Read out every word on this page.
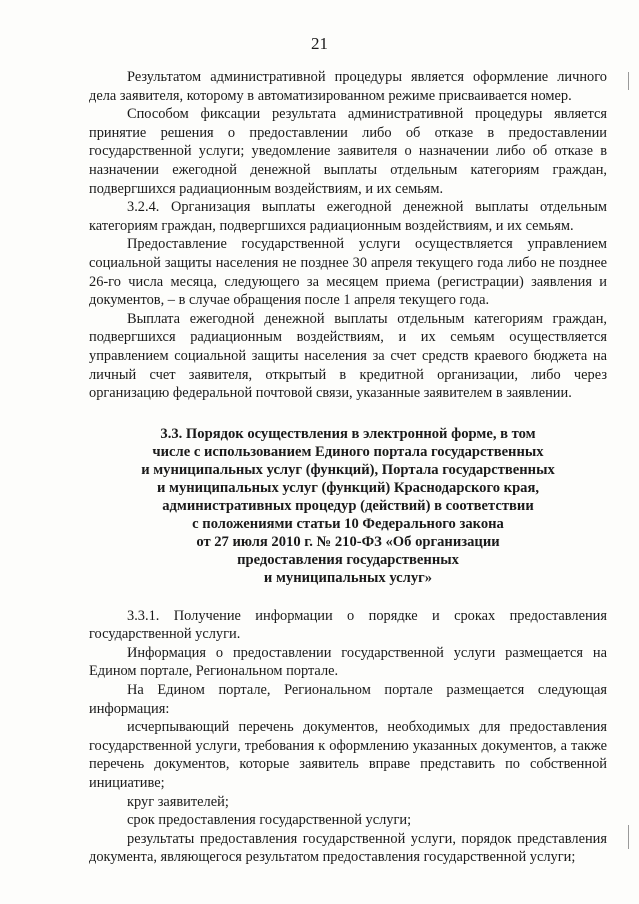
21

Результатом административной процедуры является оформление личного дела заявителя, которому в автоматизированном режиме присваивается номер.

Способом фиксации результата административной процедуры является принятие решения о предоставлении либо об отказе в предоставлении государственной услуги; уведомление заявителя о назначении либо об отказе в назначении ежегодной денежной выплаты отдельным категориям граждан, подвергшихся радиационным воздействиям, и их семьям.

3.2.4. Организация выплаты ежегодной денежной выплаты отдельным категориям граждан, подвергшихся радиационным воздействиям, и их семьям.

Предоставление государственной услуги осуществляется управлением социальной защиты населения не позднее 30 апреля текущего года либо не позднее 26-го числа месяца, следующего за месяцем приема (регистрации) заявления и документов, – в случае обращения после 1 апреля текущего года.

Выплата ежегодной денежной выплаты отдельным категориям граждан, подвергшихся радиационным воздействиям, и их семьям осуществляется управлением социальной защиты населения за счет средств краевого бюджета на личный счет заявителя, открытый в кредитной организации, либо через организацию федеральной почтовой связи, указанные заявителем в заявлении.

3.3. Порядок осуществления в электронной форме, в том
числе с использованием Единого портала государственных
и муниципальных услуг (функций), Портала государственных
и муниципальных услуг (функций) Краснодарского края,
административных процедур (действий) в соответствии
с положениями статьи 10 Федерального закона
от 27 июля 2010 г. № 210-ФЗ «Об организации
предоставления государственных
и муниципальных услуг»

3.3.1. Получение информации о порядке и сроках предоставления государственной услуги.

Информация о предоставлении государственной услуги размещается на Едином портале, Региональном портале.

На Едином портале, Региональном портале размещается следующая информация:

исчерпывающий перечень документов, необходимых для предоставления государственной услуги, требования к оформлению указанных документов, а также перечень документов, которые заявитель вправе представить по собственной инициативе;

круг заявителей;

срок предоставления государственной услуги;

результаты предоставления государственной услуги, порядок представления документа, являющегося результатом предоставления государственной услуги;
